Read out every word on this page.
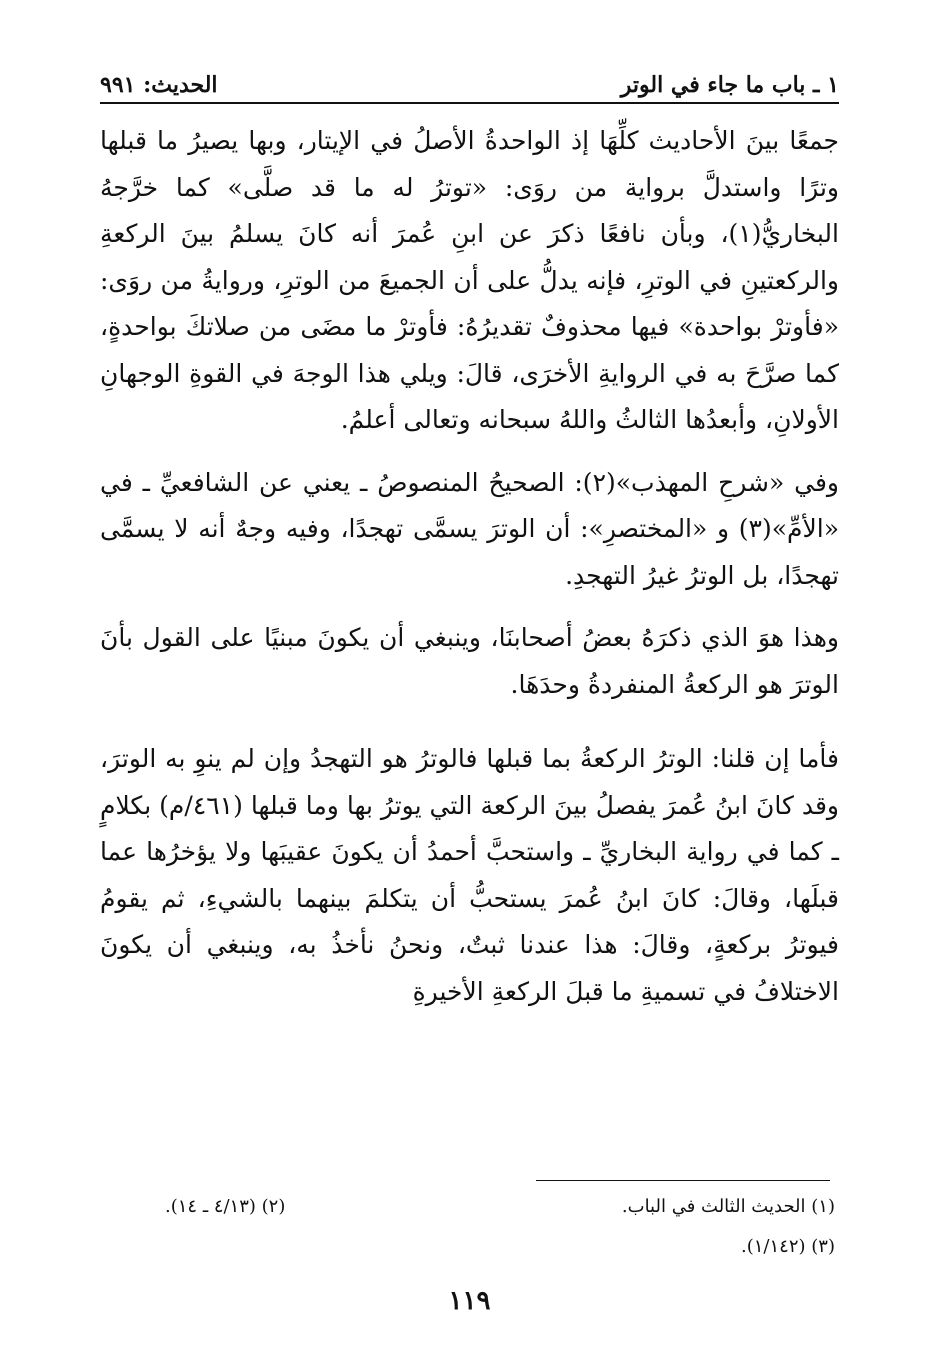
١ ـ باب ما جاء في الوتر
الحديث: ٩٩١

جمعًا بينَ الأحاديث كلِّهَا إذ الواحدةُ الأصلُ في الإيتار، وبها يصيرُ ما قبلها وترًا واستدلَّ برواية من روَى: «توترُ له ما قد صلَّى» كما خرَّجهُ البخاريُّ(١)، وبأن نافعًا ذكرَ عن ابنِ عُمرَ أنه كانَ يسلمُ بينَ الركعةِ والركعتينِ في الوترِ، فإنه يدلُّ على أن الجميعَ من الوترِ، وروايةُ من روَى: «فأوترْ بواحدة» فيها محذوفٌ تقديرُهُ: فأوترْ ما مضَى من صلاتكَ بواحدةٍ، كما صرَّحَ به في الروايةِ الأخرَى، قالَ: ويلي هذا الوجهَ في القوةِ الوجهانِ الأولانِ، وأبعدُها الثالثُ واللهُ سبحانه وتعالى أعلمُ.

وفي «شرحِ المهذب»(٢): الصحيحُ المنصوصُ ـ يعني عن الشافعيِّ ـ في «الأمِّ»(٣) و «المختصرِ»: أن الوترَ يسمَّى تهجدًا، وفيه وجهٌ أنه لا يسمَّى تهجدًا، بل الوترُ غيرُ التهجدِ.

وهذا هوَ الذي ذكرَهُ بعضُ أصحابنَا، وينبغي أن يكونَ مبنيًا على القول بأنَ الوترَ هو الركعةُ المنفردةُ وحدَهَا.

فأما إن قلنا: الوترُ الركعةُ بما قبلها فالوترُ هو التهجدُ وإن لم ينوِ به الوترَ، وقد كانَ ابنُ عُمرَ يفصلُ بينَ الركعة التي يوترُ بها وما قبلها (٤٦١/م) بكلامٍ ـ كما في رواية البخاريِّ ـ واستحبَّ أحمدُ أن يكونَ عقيبَها ولا يؤخرُها عما قبلَها، وقالَ: كانَ ابنُ عُمرَ يستحبُّ أن يتكلمَ بينهما بالشيءِ، ثم يقومُ فيوترُ بركعةٍ، وقالَ: هذا عندنا ثبتٌ، ونحنُ نأخذُ به، وينبغي أن يكونَ الاختلافُ في تسميةِ ما قبلَ الركعةِ الأخيرةِ

(١) الحديث الثالث في الباب.
(٢) (٤/١٣ ـ ١٤).
(٣) (١/١٤٢).
١١٩
